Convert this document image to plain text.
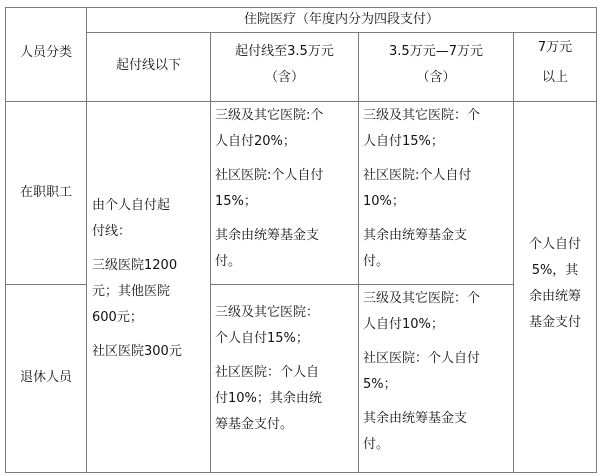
住院医疗（年度内分为四段支付）
人员分类
起付线以下
起付线至3.5万元
（含）
3.5万元—7万元
（含）
7万元
以上
在职职工
退休人员
由个人自付起
付线：
三级医院1200
元；其他医院
600元；
社区医院300元
三级及其它医院:个
人自付20%；
社区医院:个人自付
15%；
其余由统筹基金支
付。
三级及其它医院：个
人自付15%；
社区医院:个人自付
10%；
其余由统筹基金支
付。
个人自付
5%，其
余由统筹
基金支付
三级及其它医院：
个人自付15%；
社区医院：个人自
付10%；其余由统
筹基金支付。
三级及其它医院：个
人自付10%；
社区医院：个人自付
5%；
其余由统筹基金支
付。
